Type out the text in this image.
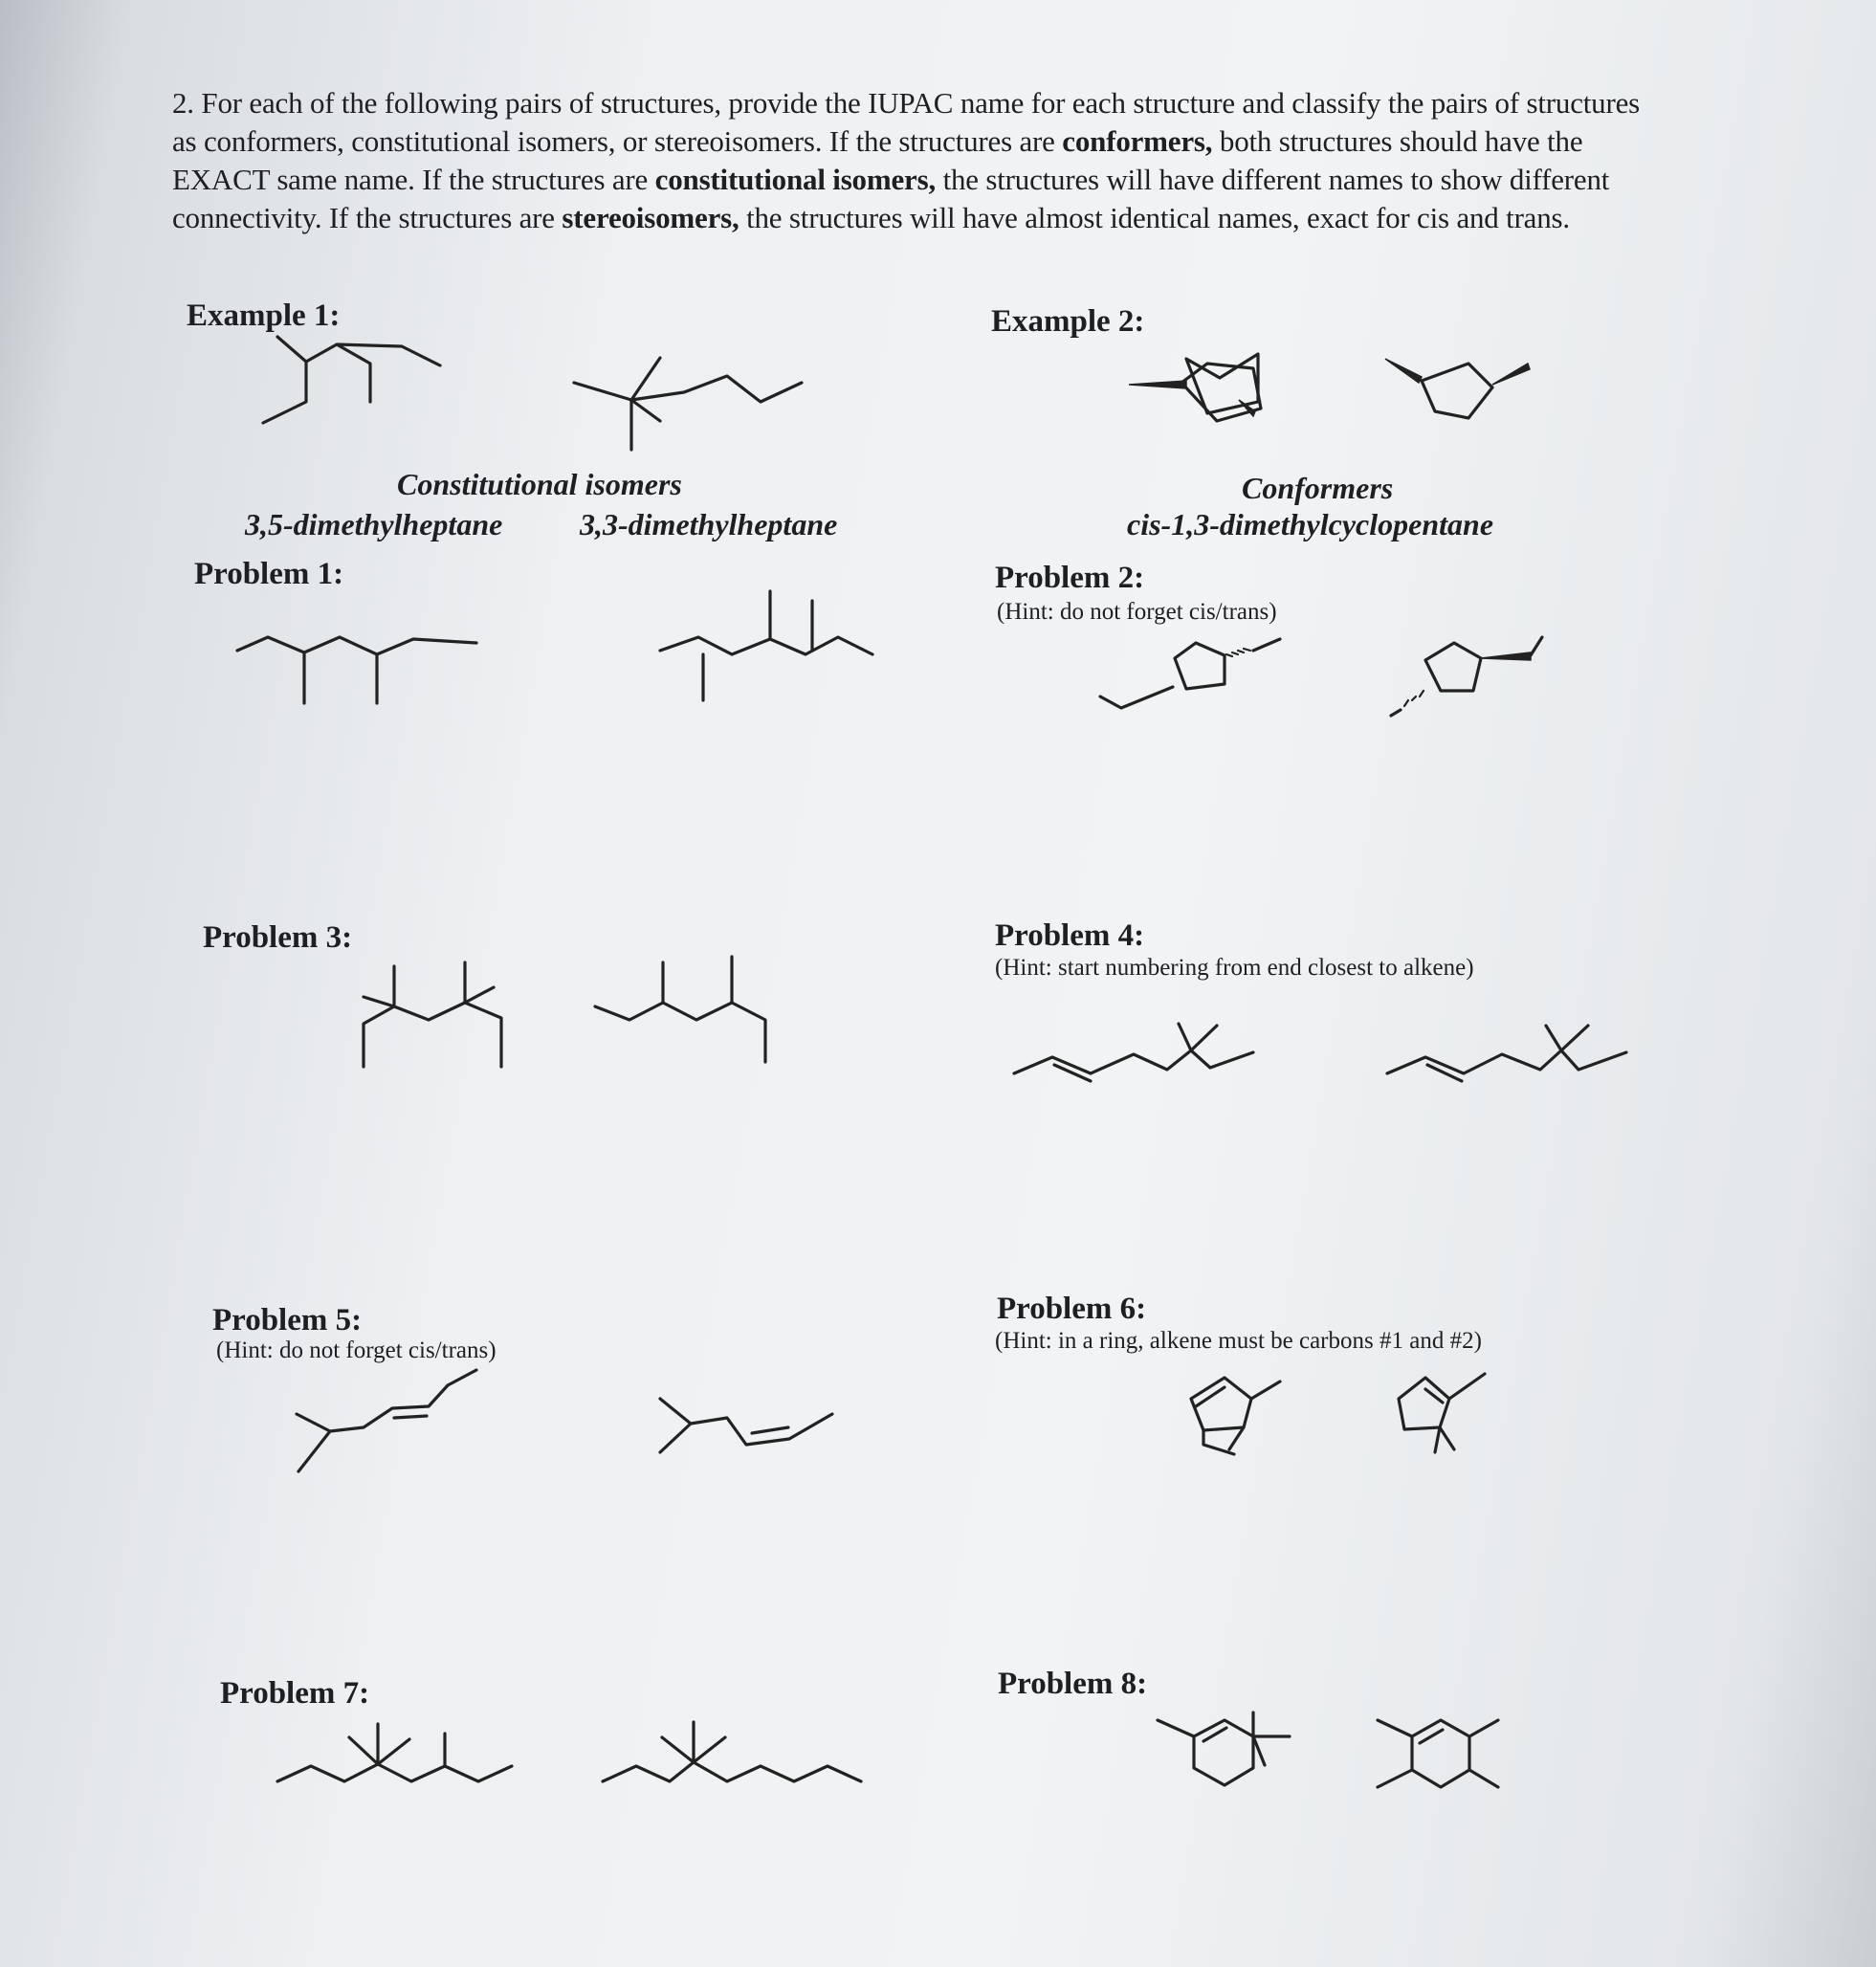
2. For each of the following pairs of structures, provide the IUPAC name for each structure and classify the pairs of structures as conformers, constitutional isomers, or stereoisomers. If the structures are conformers, both structures should have the EXACT same name. If the structures are constitutional isomers, the structures will have different names to show different connectivity. If the structures are stereoisomers, the structures will have almost identical names, exact for cis and trans.

Example 1:	Example 2:
Constitutional isomers
3,5-dimethylheptane	3,3-dimethylheptane
Conformers
cis-1,3-dimethylcyclopentane
Problem 1:	Problem 2:
(Hint: do not forget cis/trans)
Problem 3:	Problem 4:
(Hint: start numbering from end closest to alkene)
Problem 5:
(Hint: do not forget cis/trans)
Problem 6:
(Hint: in a ring, alkene must be carbons #1 and #2)
Problem 7:	Problem 8:
